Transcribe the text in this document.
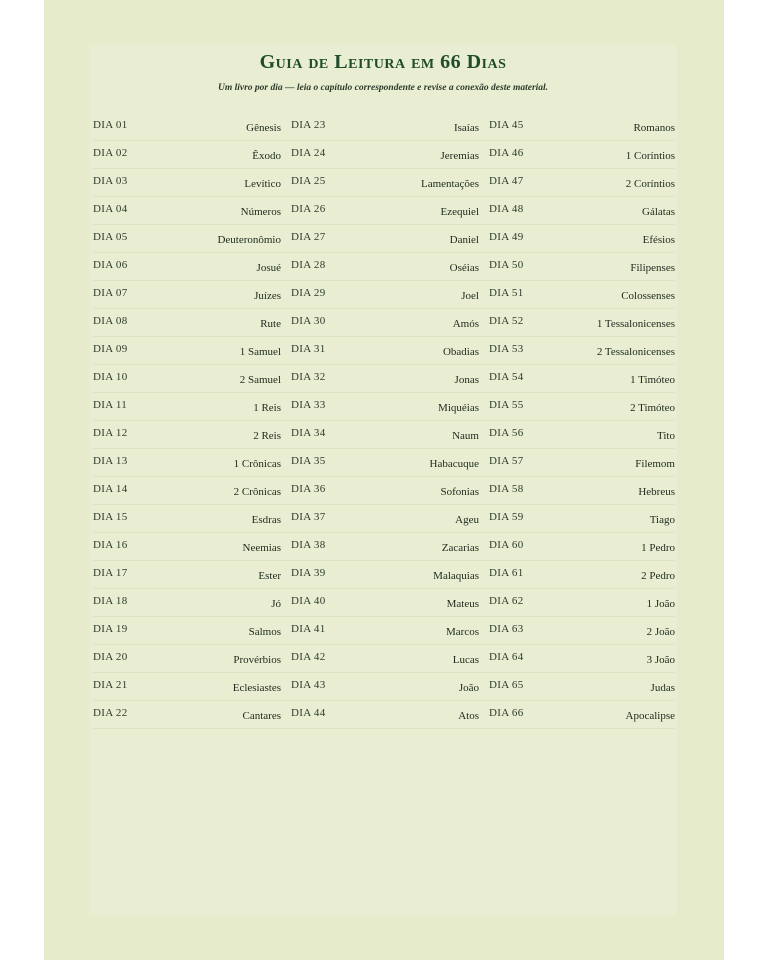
Guia de Leitura em 66 Dias
Um livro por dia — leia o capítulo correspondente e revise a conexão deste material.
DIA 01	Gênesis
DIA 02	Êxodo
DIA 03	Levítico
DIA 04	Números
DIA 05	Deuteronômio
DIA 06	Josué
DIA 07	Juízes
DIA 08	Rute
DIA 09	1 Samuel
DIA 10	2 Samuel
DIA 11	1 Reis
DIA 12	2 Reis
DIA 13	1 Crônicas
DIA 14	2 Crônicas
DIA 15	Esdras
DIA 16	Neemias
DIA 17	Ester
DIA 18	Jó
DIA 19	Salmos
DIA 20	Provérbios
DIA 21	Eclesiastes
DIA 22	Cantares
DIA 23	Isaías
DIA 24	Jeremias
DIA 25	Lamentações
DIA 26	Ezequiel
DIA 27	Daniel
DIA 28	Oséias
DIA 29	Joel
DIA 30	Amós
DIA 31	Obadias
DIA 32	Jonas
DIA 33	Miquéias
DIA 34	Naum
DIA 35	Habacuque
DIA 36	Sofonias
DIA 37	Ageu
DIA 38	Zacarias
DIA 39	Malaquias
DIA 40	Mateus
DIA 41	Marcos
DIA 42	Lucas
DIA 43	João
DIA 44	Atos
DIA 45	Romanos
DIA 46	1 Coríntios
DIA 47	2 Coríntios
DIA 48	Gálatas
DIA 49	Efésios
DIA 50	Filipenses
DIA 51	Colossenses
DIA 52	1 Tessalonicenses
DIA 53	2 Tessalonicenses
DIA 54	1 Timóteo
DIA 55	2 Timóteo
DIA 56	Tito
DIA 57	Filemom
DIA 58	Hebreus
DIA 59	Tiago
DIA 60	1 Pedro
DIA 61	2 Pedro
DIA 62	1 João
DIA 63	2 João
DIA 64	3 João
DIA 65	Judas
DIA 66	Apocalipse
